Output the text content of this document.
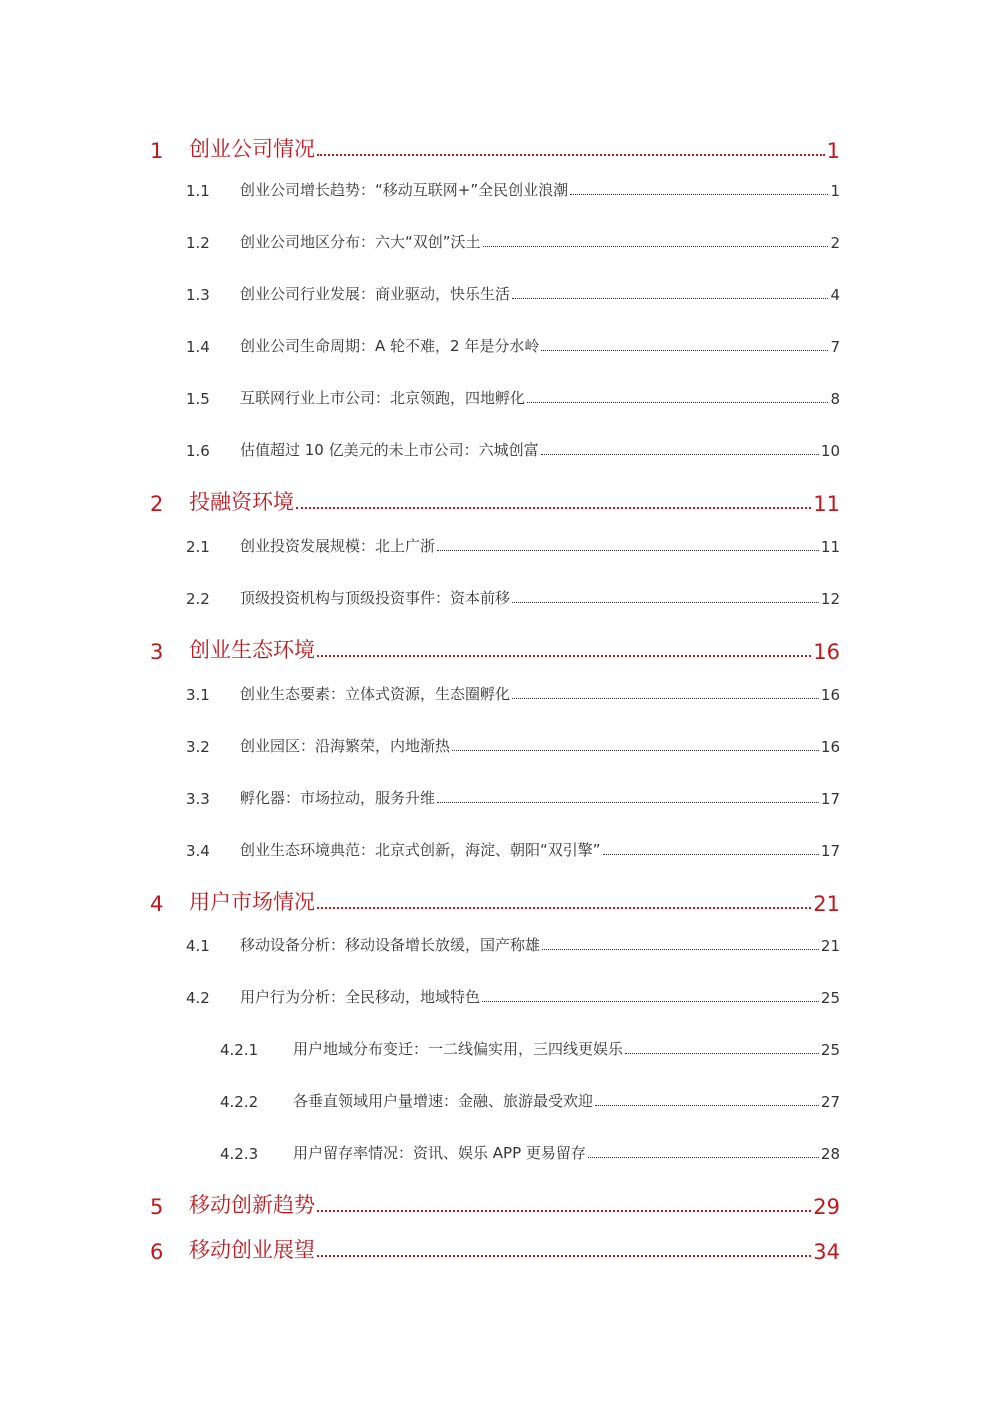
1	创业公司情况	1
1.1	创业公司增长趋势：“移动互联网+”全民创业浪潮	1
1.2	创业公司地区分布：六大“双创”沃土	2
1.3	创业公司行业发展：商业驱动，快乐生活	4
1.4	创业公司生命周期：A 轮不难，2 年是分水岭	7
1.5	互联网行业上市公司：北京领跑，四地孵化	8
1.6	估值超过 10 亿美元的未上市公司：六城创富	10
2	投融资环境	11
2.1	创业投资发展规模：北上广浙	11
2.2	顶级投资机构与顶级投资事件：资本前移	12
3	创业生态环境	16
3.1	创业生态要素：立体式资源，生态圈孵化	16
3.2	创业园区：沿海繁荣，内地渐热	16
3.3	孵化器：市场拉动，服务升维	17
3.4	创业生态环境典范：北京式创新，海淀、朝阳“双引擎”	17
4	用户市场情况	21
4.1	移动设备分析：移动设备增长放缓，国产称雄	21
4.2	用户行为分析：全民移动，地域特色	25
4.2.1	用户地域分布变迁：一二线偏实用，三四线更娱乐	25
4.2.2	各垂直领域用户量增速：金融、旅游最受欢迎	27
4.2.3	用户留存率情况：资讯、娱乐 APP 更易留存	28
5	移动创新趋势	29
6	移动创业展望	34
